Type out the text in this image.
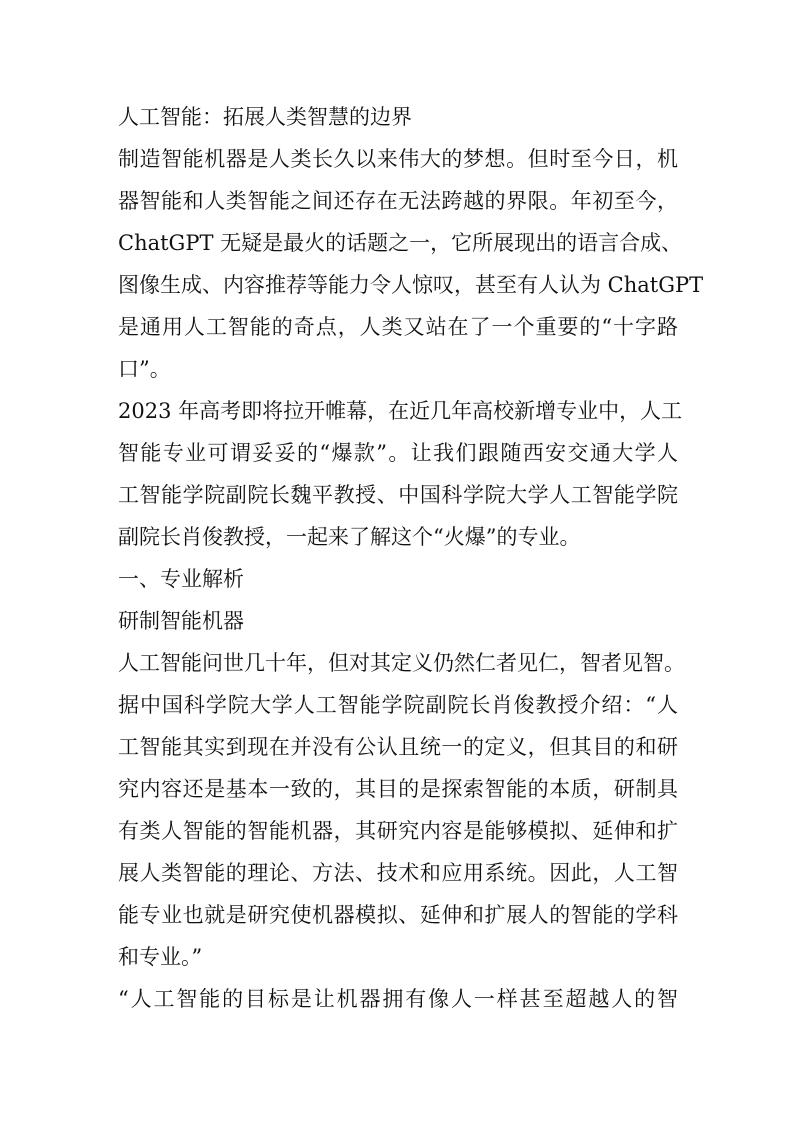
人工智能：拓展人类智慧的边界
制造智能机器是人类长久以来伟大的梦想。但时至今日，机
器智能和人类智能之间还存在无法跨越的界限。年初至今，
ChatGPT 无疑是最火的话题之一，它所展现出的语言合成、
图像生成、内容推荐等能力令人惊叹，甚至有人认为 ChatGPT
是通用人工智能的奇点，人类又站在了一个重要的“十字路
口”。
2023 年高考即将拉开帷幕，在近几年高校新增专业中，人工
智能专业可谓妥妥的“爆款”。让我们跟随西安交通大学人
工智能学院副院长魏平教授、中国科学院大学人工智能学院
副院长肖俊教授，一起来了解这个“火爆”的专业。
一、专业解析
研制智能机器
人工智能问世几十年，但对其定义仍然仁者见仁，智者见智。
据中国科学院大学人工智能学院副院长肖俊教授介绍：“人
工智能其实到现在并没有公认且统一的定义，但其目的和研
究内容还是基本一致的，其目的是探索智能的本质，研制具
有类人智能的智能机器，其研究内容是能够模拟、延伸和扩
展人类智能的理论、方法、技术和应用系统。因此，人工智
能专业也就是研究使机器模拟、延伸和扩展人的智能的学科
和专业。”
“人工智能的目标是让机器拥有像人一样甚至超越人的智
